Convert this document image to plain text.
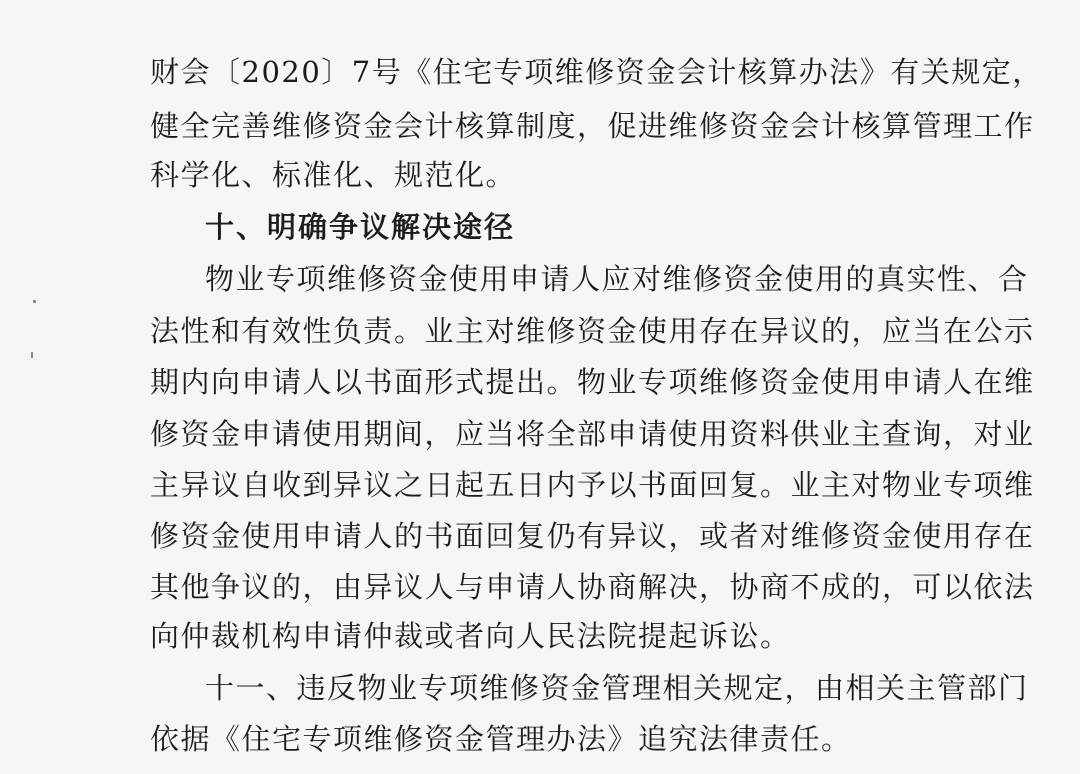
财会〔2020〕7号《住宅专项维修资金会计核算办法》有关规定，
健全完善维修资金会计核算制度，促进维修资金会计核算管理工作
科学化、标准化、规范化。
十、明确争议解决途径
物业专项维修资金使用申请人应对维修资金使用的真实性、合
法性和有效性负责。业主对维修资金使用存在异议的，应当在公示
期内向申请人以书面形式提出。物业专项维修资金使用申请人在维
修资金申请使用期间，应当将全部申请使用资料供业主查询，对业
主异议自收到异议之日起五日内予以书面回复。业主对物业专项维
修资金使用申请人的书面回复仍有异议，或者对维修资金使用存在
其他争议的，由异议人与申请人协商解决，协商不成的，可以依法
向仲裁机构申请仲裁或者向人民法院提起诉讼。
十一、违反物业专项维修资金管理相关规定，由相关主管部门
依据《住宅专项维修资金管理办法》追究法律责任。
